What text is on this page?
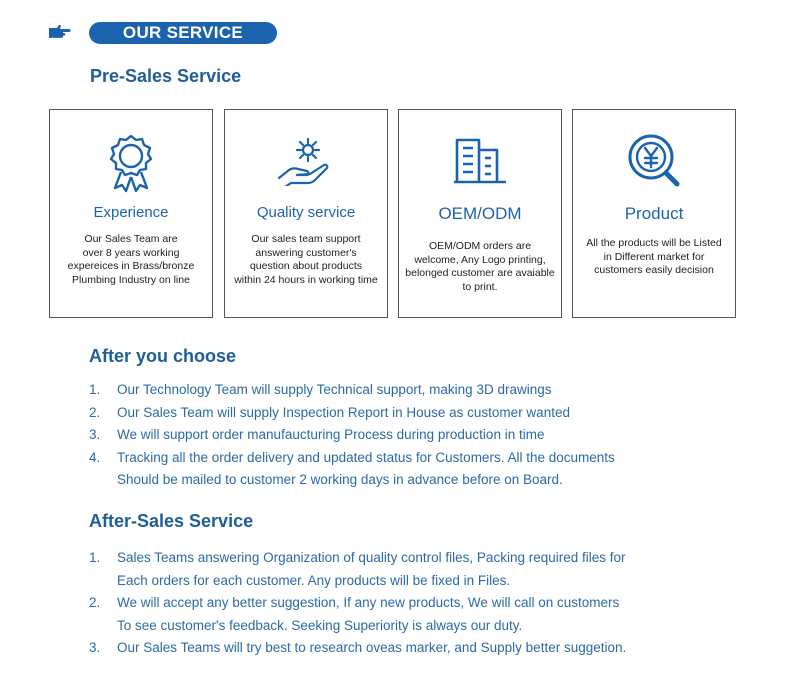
OUR SERVICE
Pre-Sales Service
Experience
Our Sales Team are
over 8 years working
expereices in Brass/bronze
Plumbing Industry on line
Quality service
Our sales team support
answering customer's
question about products
within 24 hours in working time
OEM/ODM
OEM/ODM orders are
welcome, Any Logo printing,
belonged customer are avaiable
to print.
Product
All the products will be Listed
in Different market for
customers easily decision
After you choose
1. Our Technology Team will supply Technical support, making 3D drawings
2. Our Sales Team will supply Inspection Report in House as customer wanted
3. We will support order manufaucturing Process during production in time
4. Tracking all the order delivery and updated status for Customers. All the documents
Should be mailed to customer 2 working days in advance before on Board.
After-Sales Service
1. Sales Teams answering Organization of quality control files, Packing required files for
Each orders for each customer. Any products will be fixed in Files.
2. We will accept any better suggestion, If any new products, We will call on customers
To see customer's feedback. Seeking Superiority is always our duty.
3. Our Sales Teams will try best to research oveas marker, and Supply better suggetion.
